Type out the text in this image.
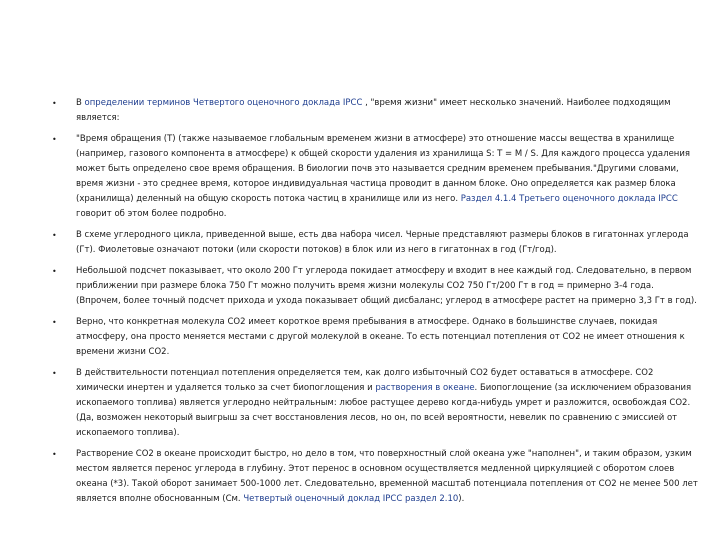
• В определении терминов Четвертого оценочного доклада IPCC , "время жизни" имеет несколько значений. Наиболее подходящим является:
• "Время обращения (T) (также называемое глобальным временем жизни в атмосфере) это отношение массы вещества в хранилище (например, газового компонента в атмосфере) к общей скорости удаления из хранилища S: T = M / S. Для каждого процесса удаления может быть определено свое время обращения. В биологии почв это называется средним временем пребывания."Другими словами, время жизни - это среднее время, которое индивидуальная частица проводит в данном блоке. Оно определяется как размер блока (хранилища) деленный на общую скорость потока частиц в хранилище или из него. Раздел 4.1.4 Третьего оценочного доклада IPCC говорит об этом более подробно.
• В схеме углеродного цикла, приведенной выше, есть два набора чисел. Черные представляют размеры блоков в гигатоннах углерода (Гт). Фиолетовые означают потоки (или скорости потоков) в блок или из него в гигатоннах в год (Гт/год).
• Небольшой подсчет показывает, что около 200 Гт углерода покидает атмосферу и входит в нее каждый год. Следовательно, в первом приближении при размере блока 750 Гт можно получить время жизни молекулы CO2 750 Гт/200 Гт в год = примерно 3-4 года. (Впрочем, более точный подсчет прихода и ухода показывает общий дисбаланс; углерод в атмосфере растет на примерно 3,3 Гт в год).
• Верно, что конкретная молекула CO2 имеет короткое время пребывания в атмосфере. Однако в большинстве случаев, покидая атмосферу, она просто меняется местами с другой молекулой в океане. То есть потенциал потепления от CO2 не имеет отношения к времени жизни CO2.
• В действительности потенциал потепления определяется тем, как долго избыточный CO2 будет оставаться в атмосфере. CO2 химически инертен и удаляется только за счет биопоглощения и растворения в океане. Биопоглощение (за исключением образования ископаемого топлива) является углеродно нейтральным: любое растущее дерево когда-нибудь умрет и разложится, освобождая CO2. (Да, возможен некоторый выигрыш за счет восстановления лесов, но он, по всей вероятности, невелик по сравнению с эмиссией от ископаемого топлива).
• Растворение CO2 в океане происходит быстро, но дело в том, что поверхностный слой океана уже "наполнен", и таким образом, узким местом является перенос углерода в глубину. Этот перенос в основном осуществляется медленной циркуляцией с оборотом слоев океана (*3). Такой оборот занимает 500-1000 лет. Следовательно, временной масштаб потенциала потепления от CO2 не менее 500 лет является вполне обоснованным (См. Четвертый оценочный доклад IPCC раздел 2.10).
